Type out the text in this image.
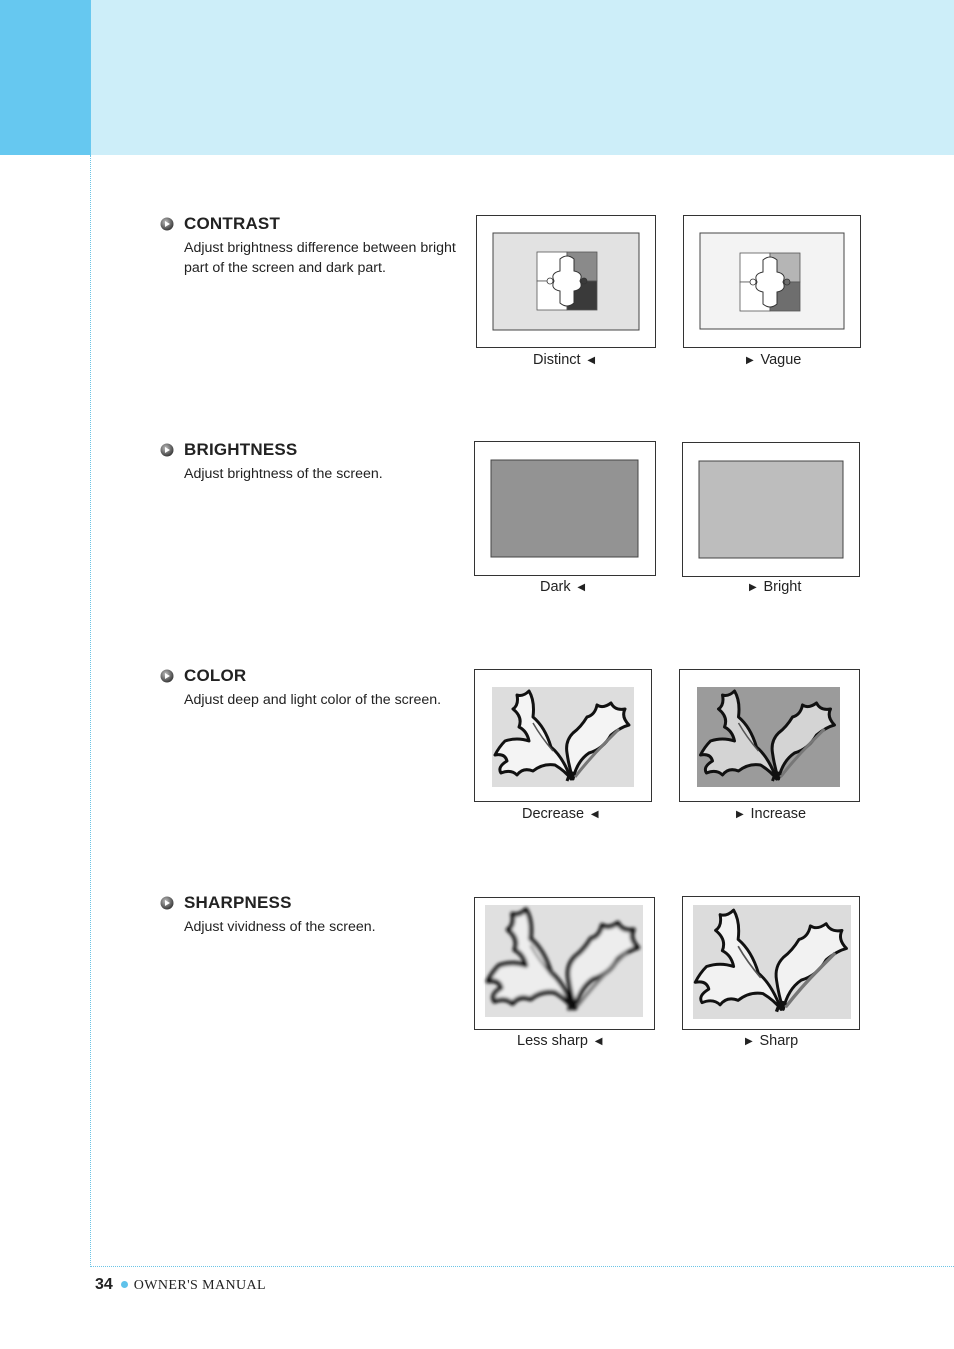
CONTRAST
Adjust brightness difference between bright part of the screen and dark part.
Distinct  ◀	▶  Vague
BRIGHTNESS
Adjust brightness of the screen.
Dark  ◀	▶  Bright
COLOR
Adjust deep and light color of the screen.
Decrease  ◀	▶  Increase
SHARPNESS
Adjust vividness of the screen.
Less sharp  ◀	▶  Sharp
34 OWNER'S MANUAL
